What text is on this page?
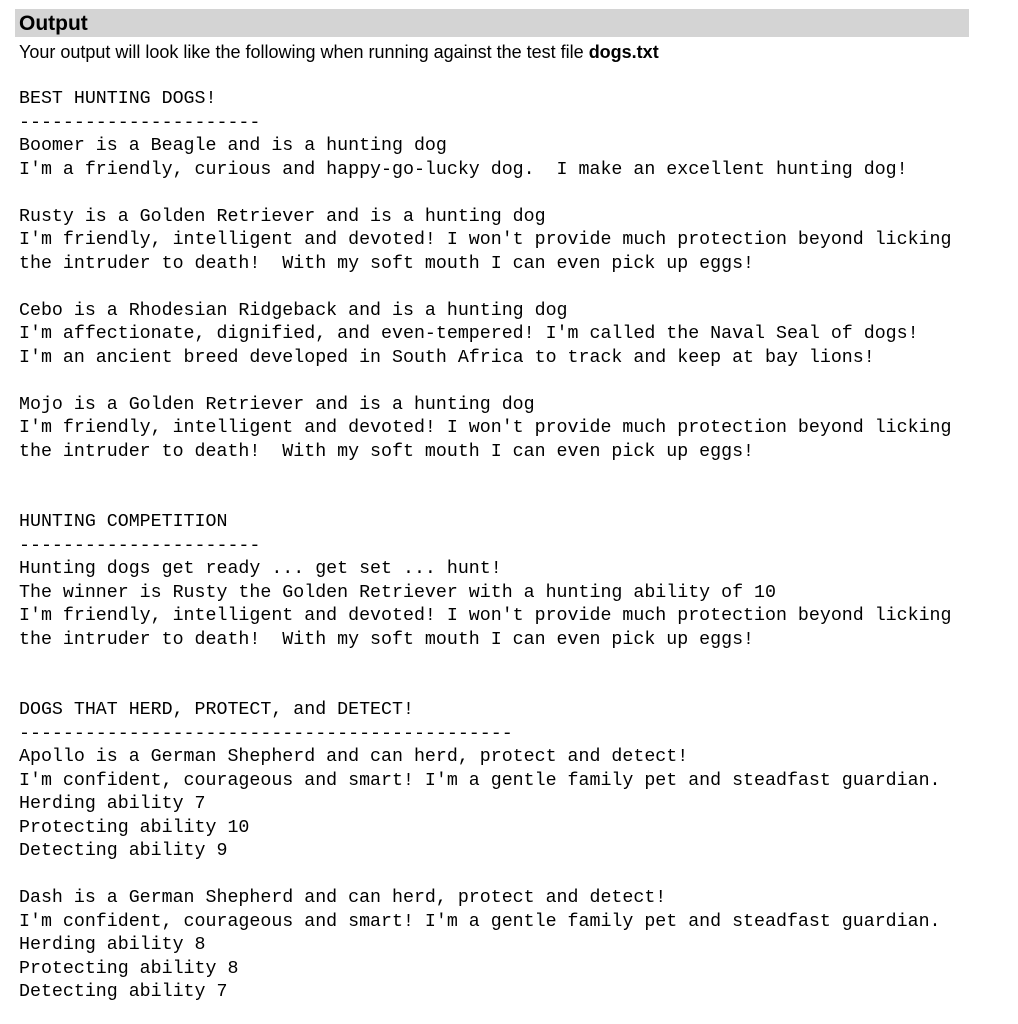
Output
Your output will look like the following when running against the test file dogs.txt
BEST HUNTING DOGS!
----------------------
Boomer is a Beagle and is a hunting dog
I'm a friendly, curious and happy-go-lucky dog.  I make an excellent hunting dog!

Rusty is a Golden Retriever and is a hunting dog
I'm friendly, intelligent and devoted! I won't provide much protection beyond licking
the intruder to death!  With my soft mouth I can even pick up eggs!

Cebo is a Rhodesian Ridgeback and is a hunting dog
I'm affectionate, dignified, and even-tempered! I'm called the Naval Seal of dogs!
I'm an ancient breed developed in South Africa to track and keep at bay lions!

Mojo is a Golden Retriever and is a hunting dog
I'm friendly, intelligent and devoted! I won't provide much protection beyond licking
the intruder to death!  With my soft mouth I can even pick up eggs!

HUNTING COMPETITION
----------------------
Hunting dogs get ready ... get set ... hunt!
The winner is Rusty the Golden Retriever with a hunting ability of 10
I'm friendly, intelligent and devoted! I won't provide much protection beyond licking
the intruder to death!  With my soft mouth I can even pick up eggs!

DOGS THAT HERD, PROTECT, and DETECT!
---------------------------------------------
Apollo is a German Shepherd and can herd, protect and detect!
I'm confident, courageous and smart! I'm a gentle family pet and steadfast guardian.
Herding ability 7
Protecting ability 10
Detecting ability 9

Dash is a German Shepherd and can herd, protect and detect!
I'm confident, courageous and smart! I'm a gentle family pet and steadfast guardian.
Herding ability 8
Protecting ability 8
Detecting ability 7
